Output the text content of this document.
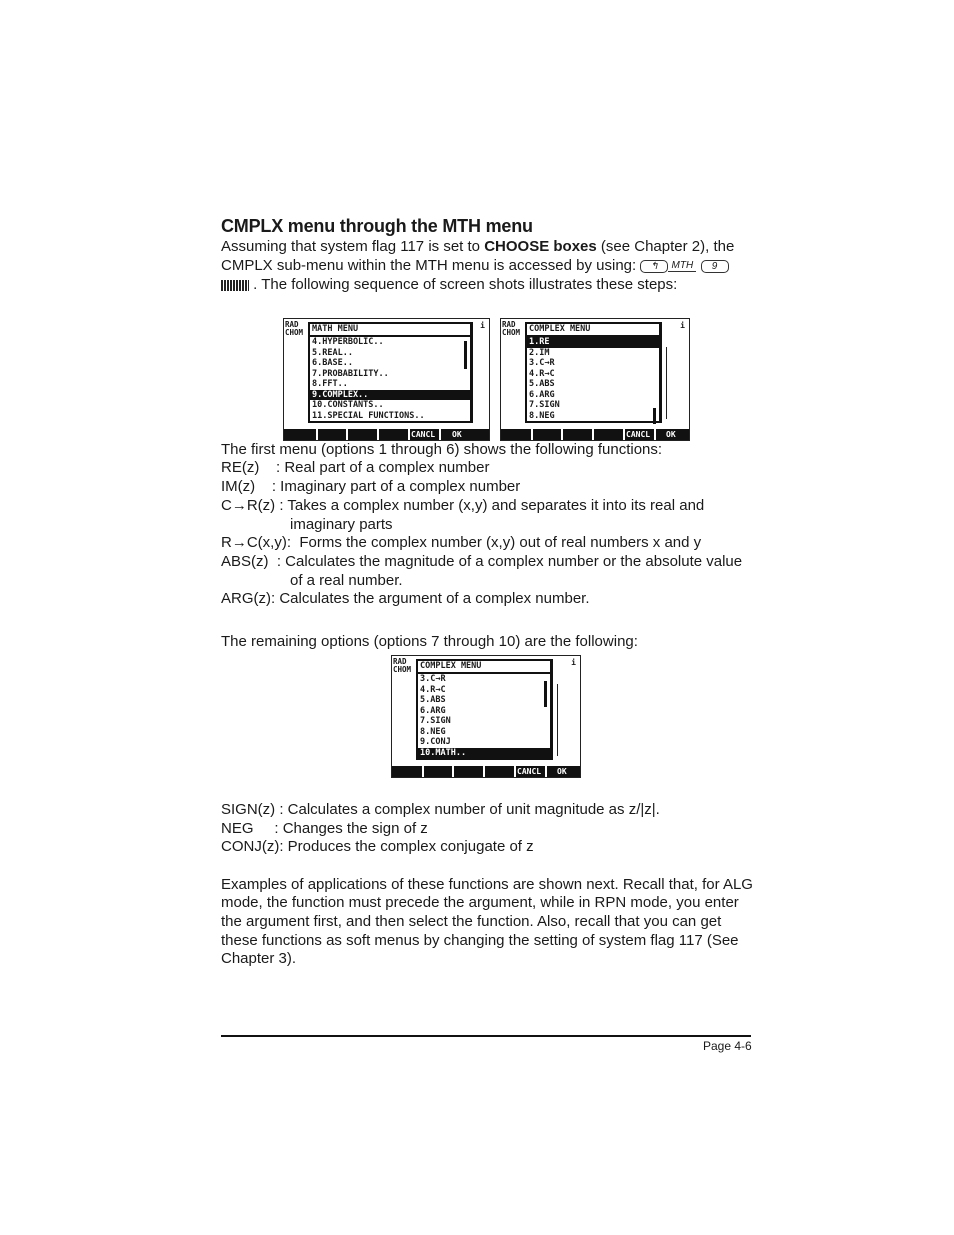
CMPLX menu through the MTH menu
Assuming that system flag 117 is set to CHOOSE boxes (see Chapter 2), the
CMPLX sub-menu within the MTH menu is accessed by using: ↰ MTH 9
. The following sequence of screen shots illustrates these steps:
RAD
CHOM
i
MATH MENU
4.HYPERBOLIC..
5.REAL..
6.BASE..
7.PROBABILITY..
8.FFT..
9.COMPLEX..
10.CONSTANTS..
11.SPECIAL FUNCTIONS..
CANCL OK
RAD
CHOM
i
COMPLEX MENU
1.RE
2.IM
3.C→R
4.R→C
5.ABS
6.ARG
7.SIGN
8.NEG
CANCL OK
The first menu (options 1 through 6) shows the following functions:
RE(z)    : Real part of a complex number
IM(z)    : Imaginary part of a complex number
C→R(z) : Takes a complex number (x,y) and separates it into its real and
imaginary parts
R→C(x,y):  Forms the complex number (x,y) out of real numbers x and y
ABS(z)  : Calculates the magnitude of a complex number or the absolute value
of a real number.
ARG(z): Calculates the argument of a complex number.
The remaining options (options 7 through 10) are the following:
RAD
CHOM
i
COMPLEX MENU
3.C→R
4.R→C
5.ABS
6.ARG
7.SIGN
8.NEG
9.CONJ
10.MATH..
CANCL OK
SIGN(z) : Calculates a complex number of unit magnitude as z/|z|.
NEG     : Changes the sign of z
CONJ(z): Produces the complex conjugate of z
Examples of applications of these functions are shown next. Recall that, for ALG
mode, the function must precede the argument, while in RPN mode, you enter
the argument first, and then select the function. Also, recall that you can get
these functions as soft menus by changing the setting of system flag 117 (See
Chapter 3).
Page 4-6
